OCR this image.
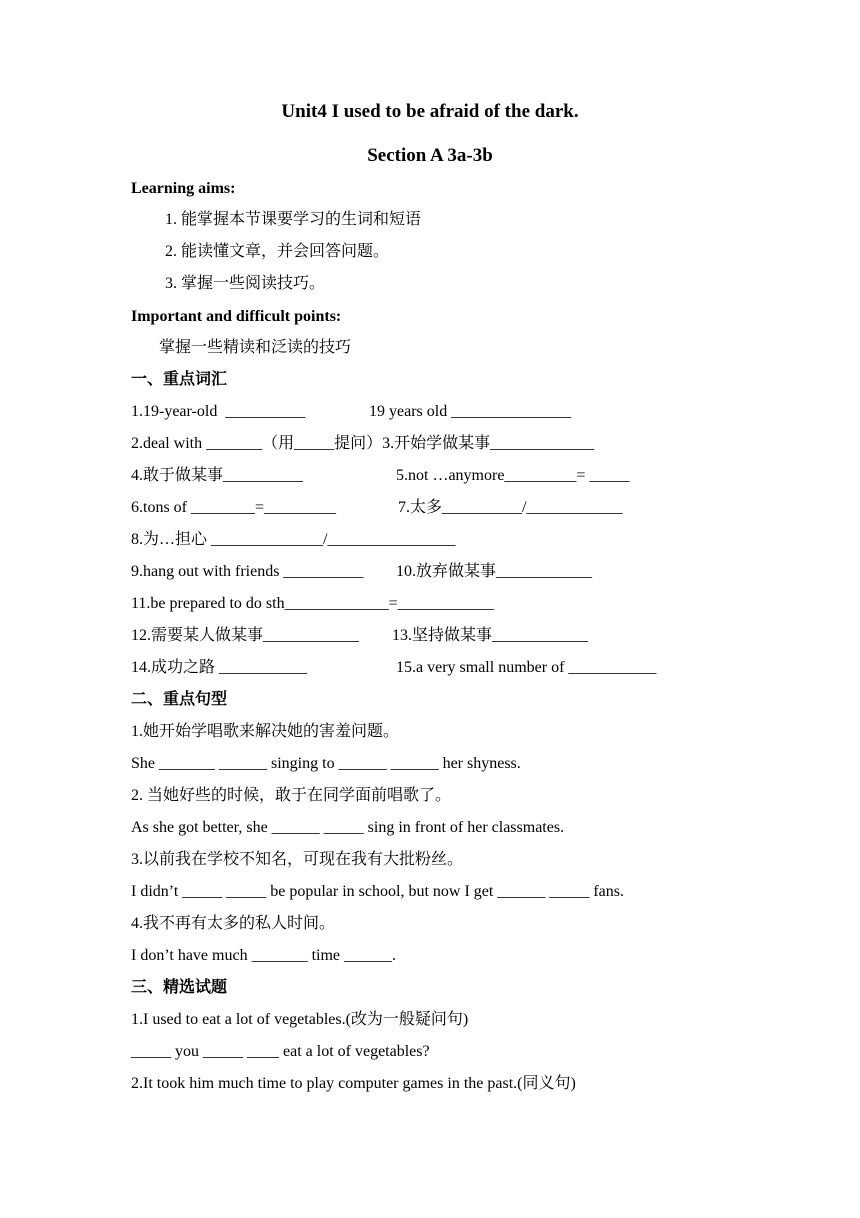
Unit4 I used to be afraid of the dark.
Section A 3a-3b
Learning aims:
1. 能掌握本节课要学习的生词和短语
2. 能读懂文章，并会回答问题。
3. 掌握一些阅读技巧。
Important and difficult points:
掌握一些精读和泛读的技巧
一、重点词汇
1.19-year-old  __________	19 years old _______________
2.deal with _______（用_____提问）3.开始学做某事_____________
4.敢于做某事__________	5.not …anymore_________= _____
6.tons of ________=_________	7.太多__________/____________
8.为…担心 ______________/________________
9.hang out with friends __________ 10.放弃做某事____________
11.be prepared to do sth_____________=____________
12.需要某人做某事____________ 13.坚持做某事____________
14.成功之路 ___________	15.a very small number of ___________
二、重点句型
1.她开始学唱歌来解决她的害羞问题。
She _______ ______ singing to ______ ______ her shyness.
2. 当她好些的时候，敢于在同学面前唱歌了。
As she got better, she ______ _____ sing in front of her classmates.
3.以前我在学校不知名，可现在我有大批粉丝。
I didn’t _____ _____ be popular in school, but now I get ______ _____ fans.
4.我不再有太多的私人时间。
I don’t have much _______ time ______.
三、精选试题
1.I used to eat a lot of vegetables.(改为一般疑问句)
_____ you _____ ____ eat a lot of vegetables?
2.It took him much time to play computer games in the past.(同义句)
